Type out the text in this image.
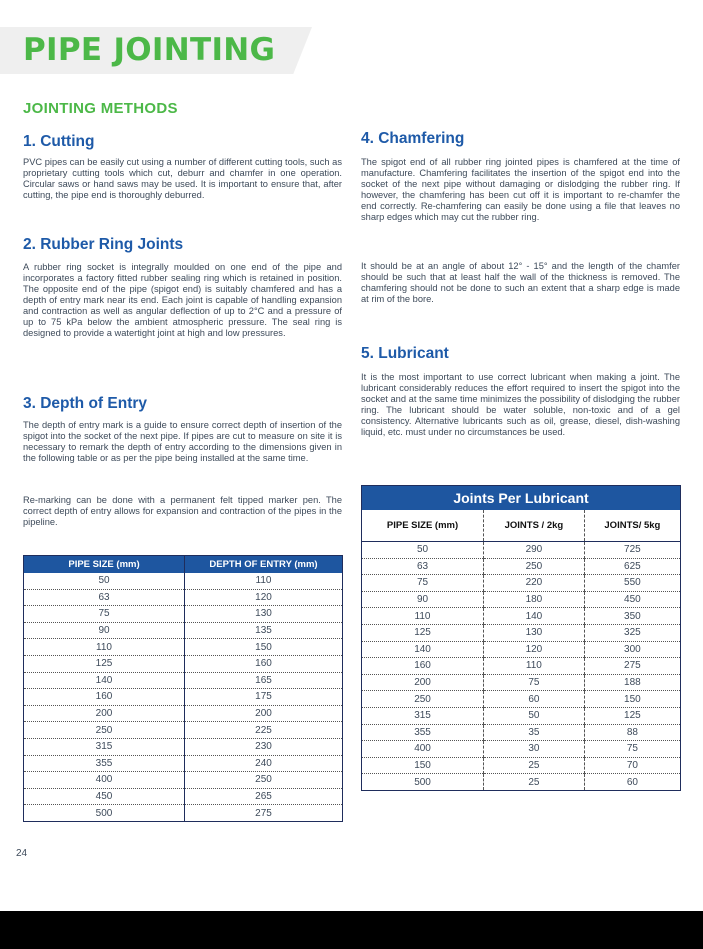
PIPE JOINTING
JOINTING METHODS
1. Cutting

PVC pipes can be easily cut using a number of different cutting tools, such as proprietary cutting tools which cut, deburr and chamfer in one operation. Circular saws or hand saws may be used. It is important to ensure that, after cutting, the pipe end is thoroughly deburred.

2. Rubber Ring Joints

A rubber ring socket is integrally moulded on one end of the pipe and incorporates a factory fitted rubber sealing ring which is retained in position. The opposite end of the pipe (spigot end) is suitably chamfered and has a depth of entry mark near its end. Each joint is capable of handling expansion and contraction as well as angular deflection of up to 2°C and a pressure of up to 75 kPa below the ambient atmospheric pressure. The seal ring is designed to provide a watertight joint at high and low pressures.

3. Depth of Entry

The depth of entry mark is a guide to ensure correct depth of insertion of the spigot into the socket of the next pipe. If pipes are cut to measure on site it is necessary to remark the depth of entry according to the dimensions given in the following table or as per the pipe being installed at the same time.

Re-marking can be done with a permanent felt tipped marker pen. The correct depth of entry allows for expansion and contraction of the pipes in the pipeline.

PIPE SIZE (mm)	DEPTH OF ENTRY (mm)
50	110
63	120
75	130
90	135
110	150
125	160
140	165
160	175
200	200
250	225
315	230
355	240
400	250
450	265
500	275
4. Chamfering

The spigot end of all rubber ring jointed pipes is chamfered at the time of manufacture. Chamfering facilitates the insertion of the spigot end into the socket of the next pipe without damaging or dislodging the rubber ring. If however, the chamfering has been cut off it is important to re-chamfer the end correctly. Re-chamfering can easily be done using a file that leaves no sharp edges which may cut the rubber ring.

It should be at an angle of about 12° - 15° and the length of the chamfer should be such that at least half the wall of the thickness is removed. The chamfering should not be done to such an extent that a sharp edge is made at rim of the bore.

5. Lubricant

It is the most important to use correct lubricant when making a joint. The lubricant considerably reduces the effort required to insert the spigot into the socket and at the same time minimizes the possibility of dislodging the rubber ring. The lubricant should be water soluble, non-toxic and of a gel consistency. Alternative lubricants such as oil, grease, diesel, dish-washing liquid, etc. must under no circumstances be used.

Joints Per Lubricant		
PIPE SIZE (mm)	JOINTS / 2kg	JOINTS/ 5kg
50	290	725
63	250	625
75	220	550
90	180	450
110	140	350
125	130	325
140	120	300
160	110	275
200	75	188
250	60	150
315	50	125
355	35	88
400	30	75
150	25	70
500	25	60

24
